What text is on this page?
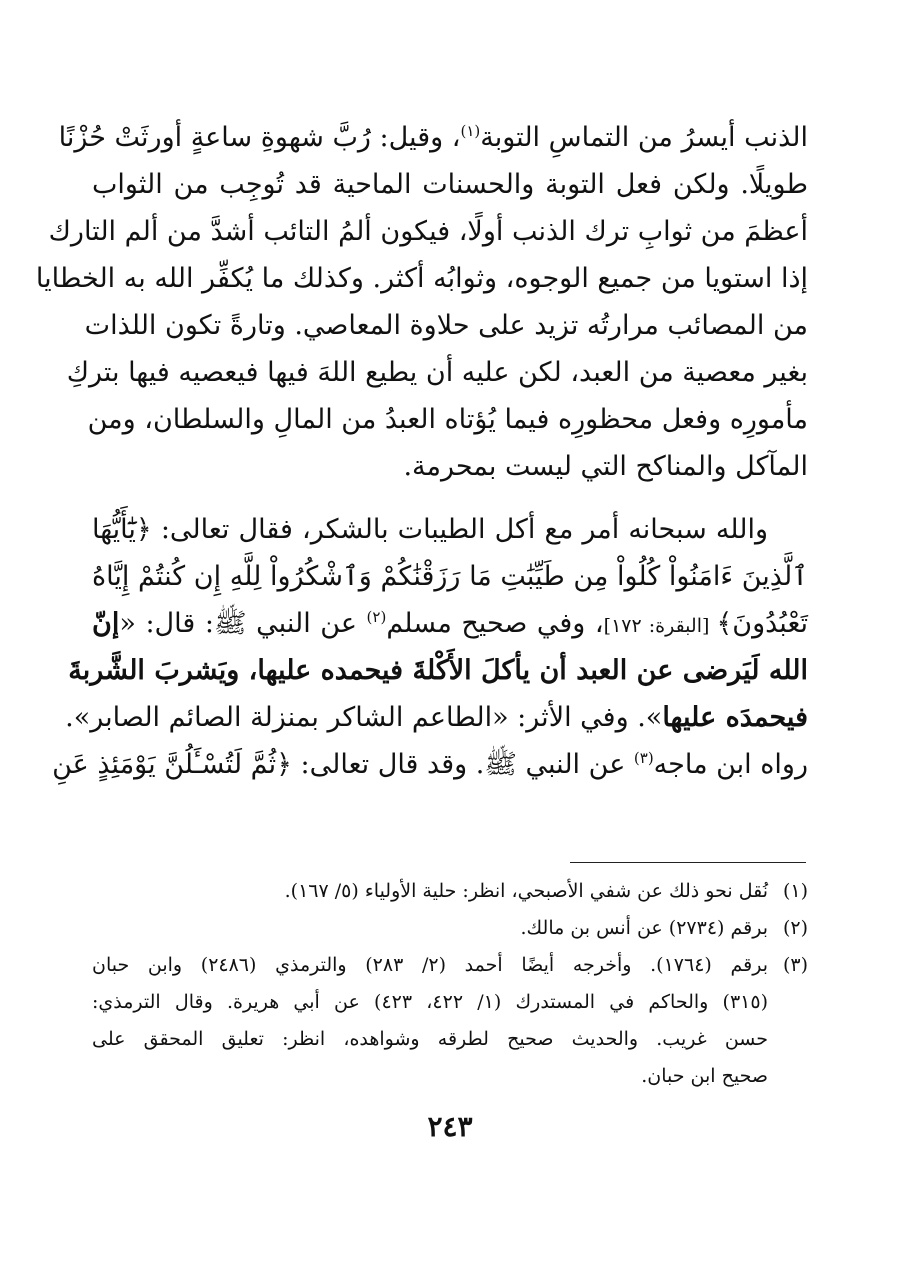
الذنب أيسرُ من التماسِ التوبة$^{(١)}$، وقيل: رُبَّ شهوةِ ساعةٍ أورثَتْ حُزْنًا
طويلًا. ولكن فعل التوبة والحسنات الماحية قد تُوجِب من الثواب
أعظمَ من ثوابِ ترك الذنب أولًا، فيكون ألمُ التائب أشدَّ من ألم التارك
إذا استويا من جميع الوجوه، وثوابُه أكثر. وكذلك ما يُكفِّر الله به الخطايا
من المصائب مرارتُه تزيد على حلاوة المعاصي. وتارةً تكون اللذات
بغير معصية من العبد، لكن عليه أن يطيع اللهَ فيها فيعصيه فيها بتركِ
مأمورِه وفعل محظورِه فيما يُؤتاه العبدُ من المالِ والسلطان، ومن
المآكل والمناكح التي ليست بمحرمة.
والله سبحانه أمر مع أكل الطيبات بالشكر، فقال تعالى: ﴿يَٰٓأَيُّهَا
ٱلَّذِينَ ءَامَنُواْ كُلُواْ مِن طَيِّبَٰتِ مَا رَزَقْنَٰكُمْ وَٱشْكُرُواْ لِلَّهِ إِن كُنتُمْ إِيَّاهُ
تَعْبُدُونَ﴾ [البقرة: ١٧٢]، وفي صحيح مسلم$^{(٢)}$ عن النبي ﷺ: قال: «إنّ
الله لَيَرضى عن العبد أن يأكلَ الأَكْلةَ فيحمده عليها، ويَشربَ الشَّربةَ
فيحمدَه عليها». وفي الأثر: «الطاعم الشاكر بمنزلة الصائم الصابر».
رواه ابن ماجه$^{(٣)}$ عن النبي ﷺ. وقد قال تعالى: ﴿ثُمَّ لَتُسْـَٔلُنَّ يَوْمَئِذٍ عَنِ
(١)نُقل نحو ذلك عن شفي الأصبحي، انظر: حلية الأولياء (٥/ ١٦٧).
(٢)برقم (٢٧٣٤) عن أنس بن مالك.
(٣)برقم (١٧٦٤). وأخرجه أيضًا أحمد (٢/ ٢٨٣) والترمذي (٢٤٨٦) وابن حبان
(٣١٥) والحاكم في المستدرك (١/ ٤٢٢، ٤٢٣) عن أبي هريرة. وقال الترمذي:
حسن غريب. والحديث صحيح لطرقه وشواهده، انظر: تعليق المحقق على
صحيح ابن حبان.
٢٤٣
